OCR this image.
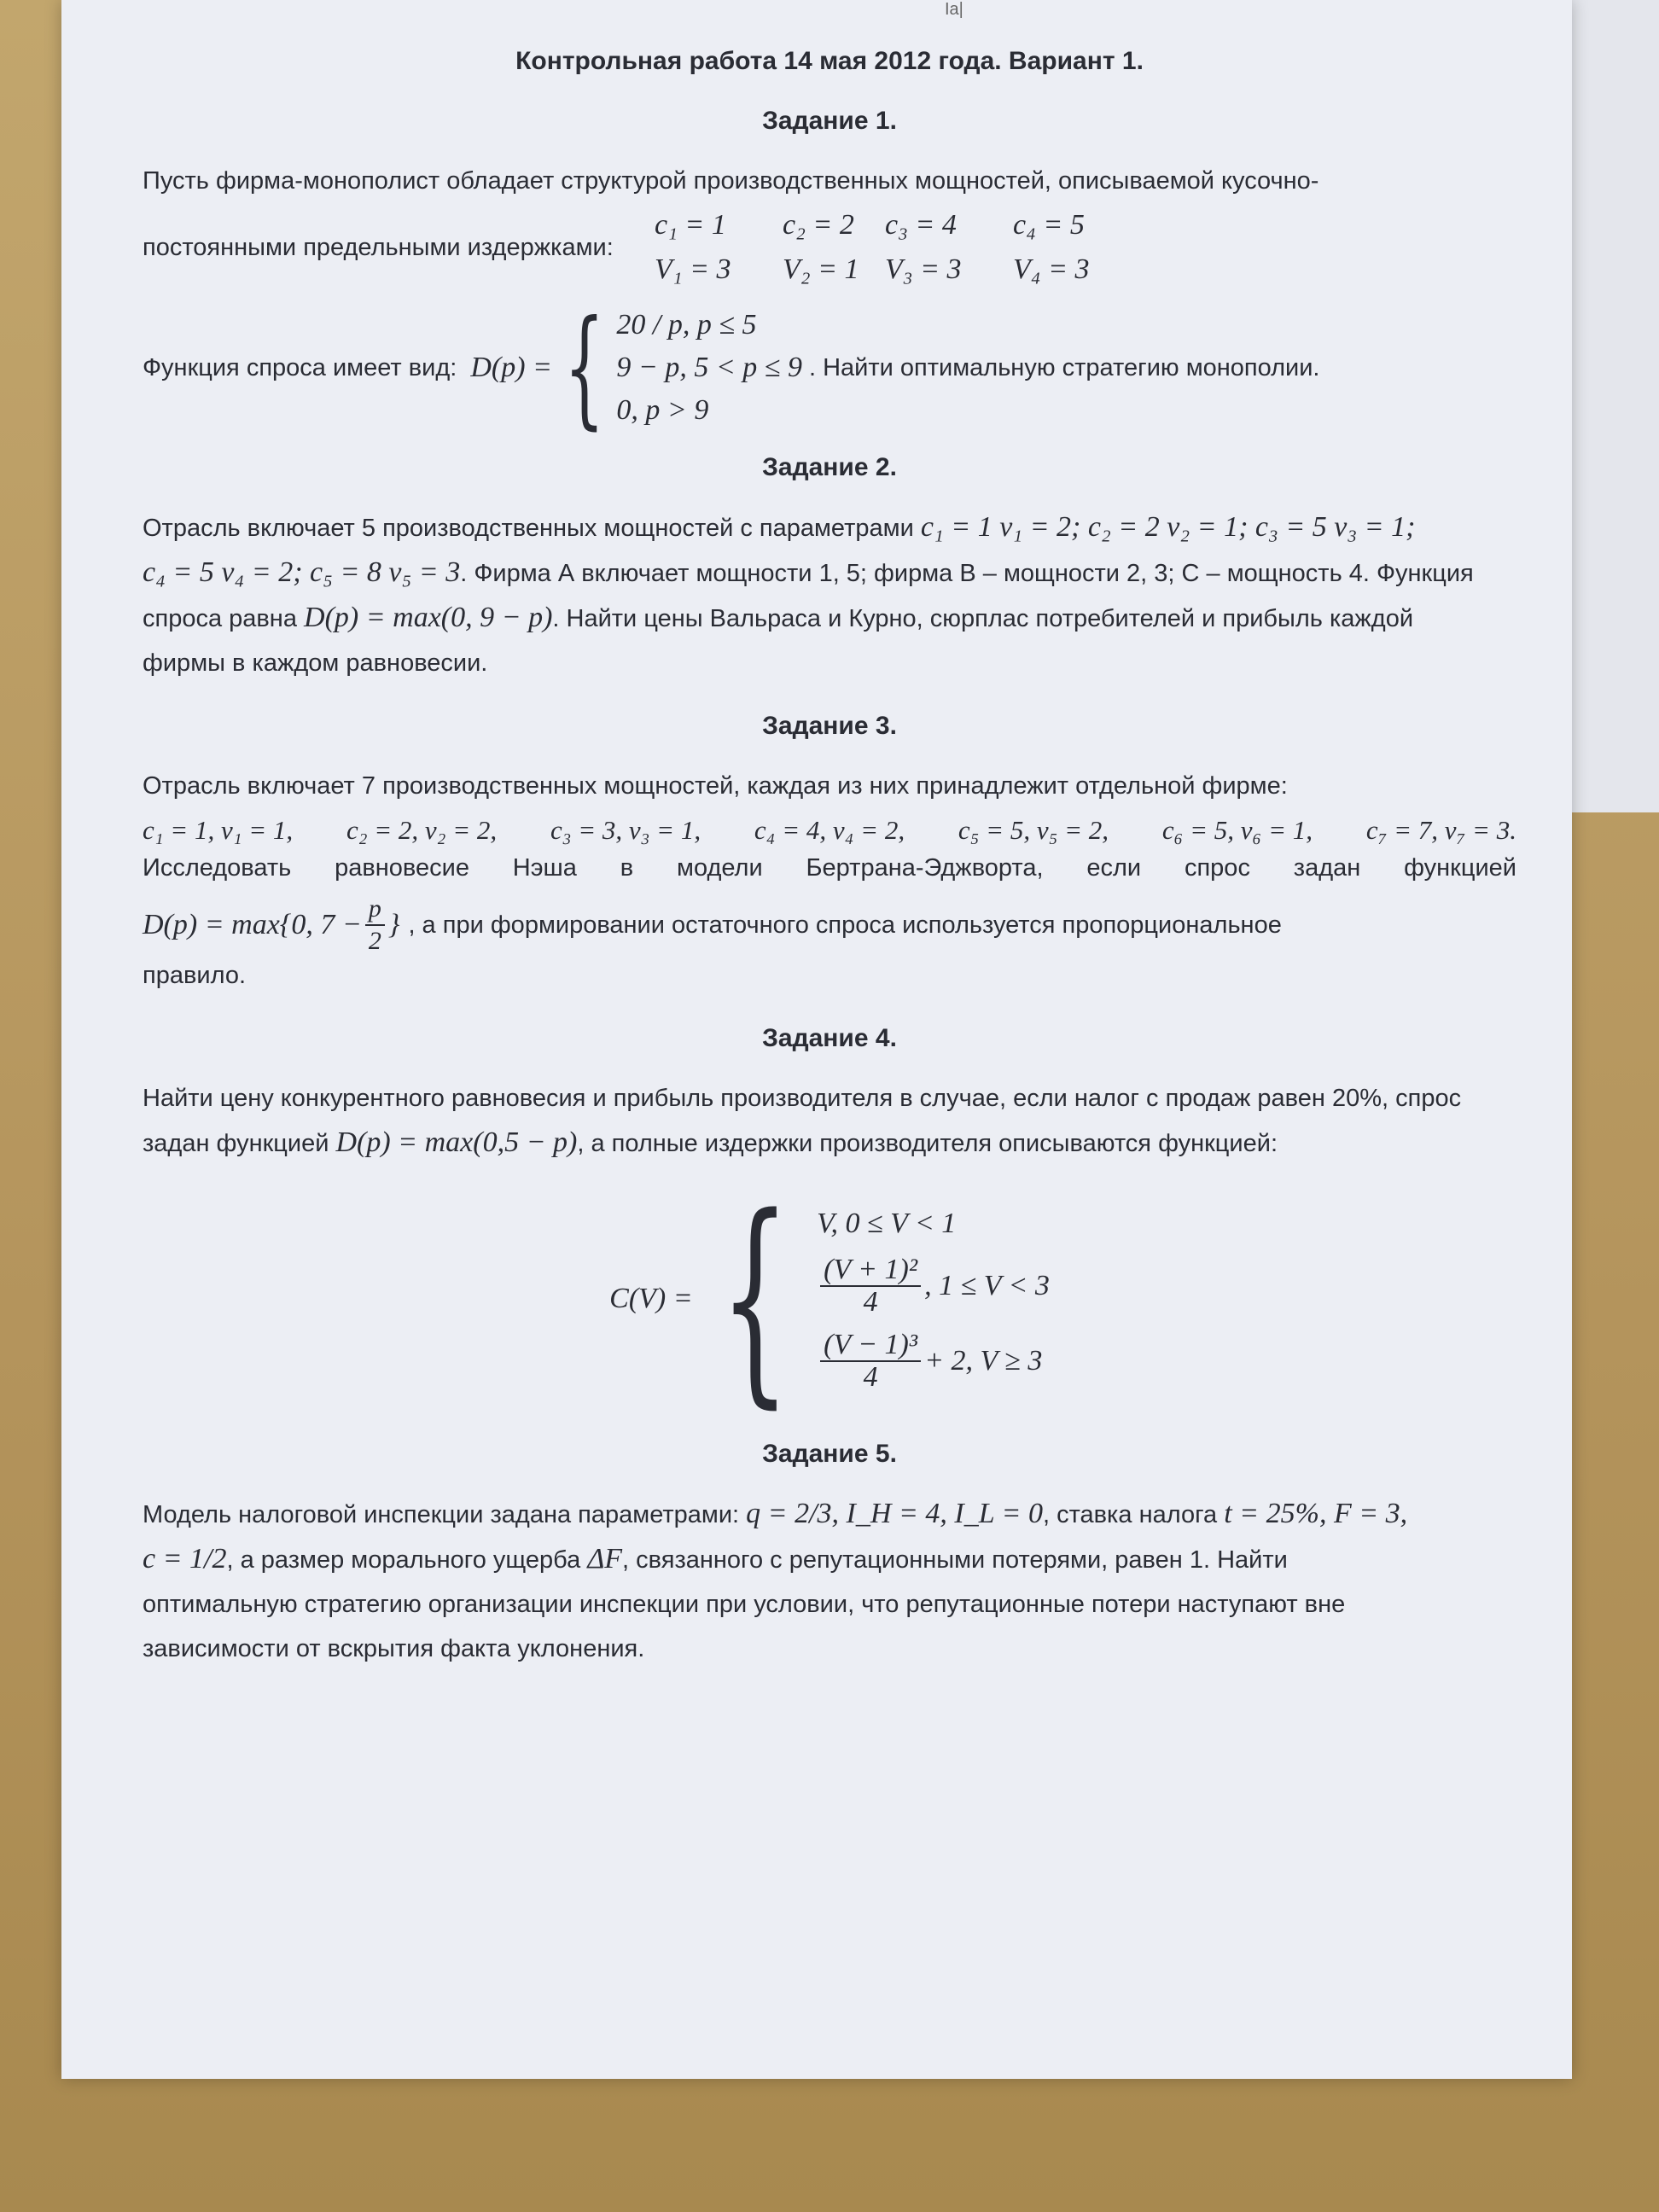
Ia|
Контрольная работа 14 мая 2012 года. Вариант 1.
Задание 1.

Пусть фирма-монополист обладает структурой производственных мощностей, описываемой кусочно-

постоянными предельными издержками:
c₁ = 1	c₂ = 2	c₃ = 4	c₄ = 5
V₁ = 3	V₂ = 1 V₃ = 3	V₄ = 3
Функция спроса имеет вид: D(p) = { 20 / p, p ≤ 5
9 − p, 5 < p ≤ 9
0, p > 9
. Найти оптимальную стратегию монополии.
Задание 2.

Отрасль включает 5 производственных мощностей с параметрами c₁ = 1 v₁ = 2; c₂ = 2 v₂ = 1; c₃ = 5 v₃ = 1;

c₄ = 5 v₄ = 2; c₅ = 8 v₅ = 3. Фирма А включает мощности 1, 5; фирма В – мощности 2, 3; С – мощность 4. Функция

спроса равна D(p) = max(0, 9 − p). Найти цены Вальраса и Курно, сюрплас потребителей и прибыль каждой

фирмы в каждом равновесии.

Задание 3.

Отрасль включает 7 производственных мощностей, каждая из них принадлежит отдельной фирме:

c₁ = 1, v₁ = 1, c₂ = 2, v₂ = 2, c₃ = 3, v₃ = 1, c₄ = 4, v₄ = 2, c₅ = 5, v₅ = 2, c₆ = 5, v₆ = 1, c₇ = 7, v₇ = 3.

Исследовать равновесие Нэша в модели Бертрана-Эджворта, если спрос задан функцией

D(p) = max{0, $7 - \frac{p}{2}$ } , а при формировании остаточного спроса используется пропорциональное

правило.

Задание 4.

Найти цену конкурентного равновесия и прибыль производителя в случае, если налог с продаж равен 20%, спрос

задан функцией D(p) = max(0,5 − p), а полные издержки производителя описываются функцией:

C(V) = { V, 0 ≤ V < 1
$\frac{\text{(V + 1)²}}{4}$ , 1 ≤ V < 3
$\frac{\text{(V − 1)³}}{4} + 2$, V ≥ 3
Задание 5.

Модель налоговой инспекции задана параметрами: q = 2/3, I_H = 4, I_L = 0, ставка налога t = 25%, F = 3,

c = 1/2, а размер морального ущерба ΔF, связанного с репутационными потерями, равен 1. Найти

оптимальную стратегию организации инспекции при условии, что репутационные потери наступают вне

зависимости от вскрытия факта уклонения.
